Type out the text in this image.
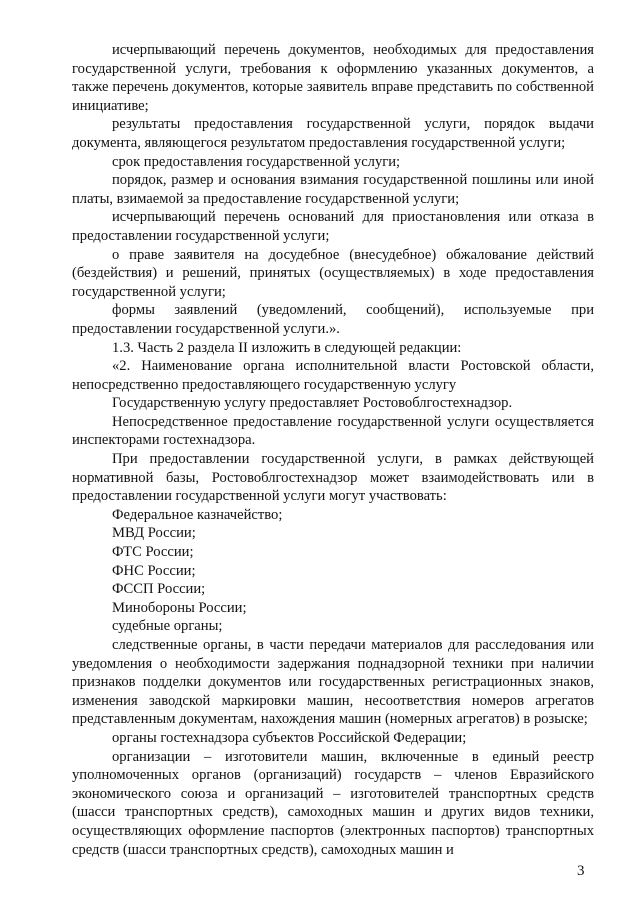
исчерпывающий перечень документов, необходимых для предоставления государственной услуги, требования к оформлению указанных документов, а также перечень документов, которые заявитель вправе представить по собственной инициативе;

результаты предоставления государственной услуги, порядок выдачи документа, являющегося результатом предоставления государственной услуги;

срок предоставления государственной услуги;

порядок, размер и основания взимания государственной пошлины или иной платы, взимаемой за предоставление государственной услуги;

исчерпывающий перечень оснований для приостановления или отказа в предоставлении государственной услуги;

о праве заявителя на досудебное (внесудебное) обжалование действий (бездействия) и решений, принятых (осуществляемых) в ходе предоставления государственной услуги;

формы заявлений (уведомлений, сообщений), используемые при предоставлении государственной услуги.».

1.3. Часть 2 раздела II изложить в следующей редакции:

«2. Наименование органа исполнительной власти Ростовской области, непосредственно предоставляющего государственную услугу

Государственную услугу предоставляет Ростовоблгостехнадзор.

Непосредственное предоставление государственной услуги осуществляется инспекторами гостехнадзора.

При предоставлении государственной услуги, в рамках действующей нормативной базы, Ростовоблгостехнадзор может взаимодействовать или в предоставлении государственной услуги могут участвовать:

Федеральное казначейство;

МВД России;

ФТС России;

ФНС России;

ФССП России;

Минобороны России;

судебные органы;

следственные органы, в части передачи материалов для расследования или уведомления о необходимости задержания поднадзорной техники при наличии признаков подделки документов или государственных регистрационных знаков, изменения заводской маркировки машин, несоответствия номеров агрегатов представленным документам, нахождения машин (номерных агрегатов) в розыске;

органы гостехнадзора субъектов Российской Федерации;

организации – изготовители машин, включенные в единый реестр уполномоченных органов (организаций) государств – членов Евразийского экономического союза и организаций – изготовителей транспортных средств (шасси транспортных средств), самоходных машин и других видов техники, осуществляющих оформление паспортов (электронных паспортов) транспортных средств (шасси транспортных средств), самоходных машин и

3
